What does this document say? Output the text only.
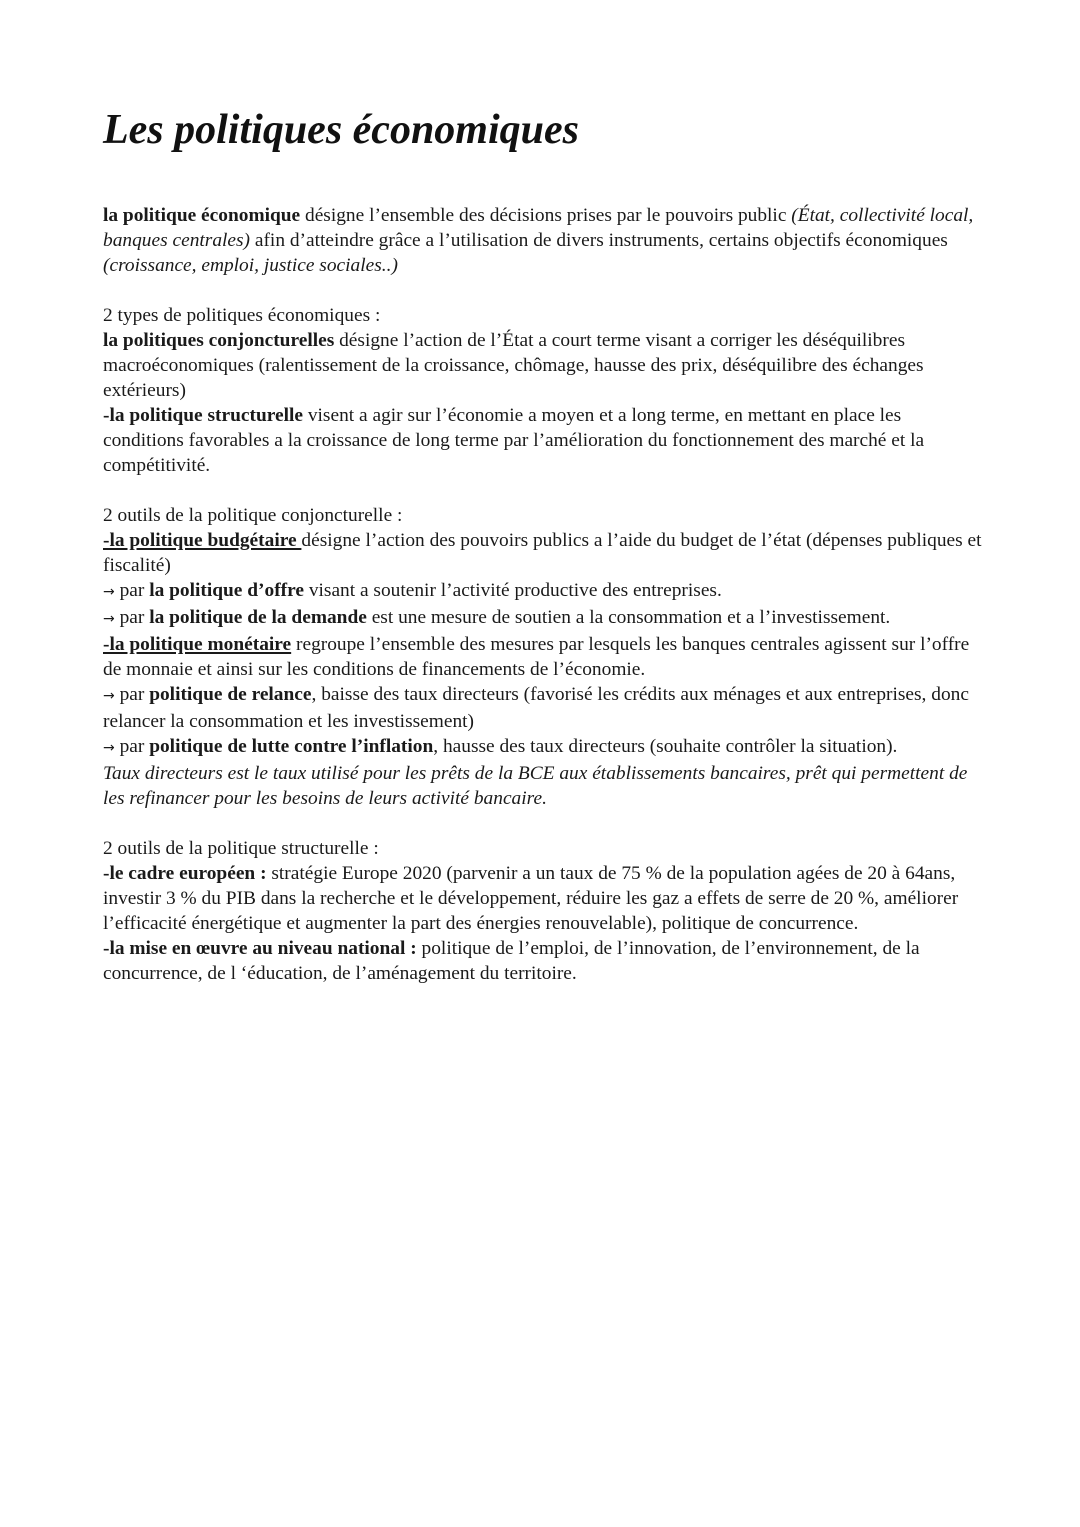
Les politiques économiques

la politique économique désigne l’ensemble des décisions prises par le pouvoirs public (État, collectivité local, banques centrales) afin d’atteindre grâce a l’utilisation de divers instruments, certains objectifs économiques (croissance, emploi, justice sociales..)

2 types de politiques économiques :

la politiques conjoncturelles désigne l’action de l’État a court terme visant a corriger les déséquilibres macroéconomiques (ralentissement de la croissance, chômage, hausse des prix, déséquilibre des échanges extérieurs)

-la politique structurelle visent a agir sur l’économie a moyen et a long terme, en mettant en place les conditions favorables a la croissance de long terme par l’amélioration du fonctionnement des marché et la compétitivité.

2 outils de la politique conjoncturelle :

-la politique budgétaire désigne l’action des pouvoirs publics a l’aide du budget de l’état (dépenses publiques et fiscalité)

→ par la politique d’offre visant a soutenir l’activité productive des entreprises.

→ par la politique de la demande est une mesure de soutien a la consommation et a l’investissement.

-la politique monétaire regroupe l’ensemble des mesures par lesquels les banques centrales agissent sur l’offre de monnaie et ainsi sur les conditions de financements de l’économie.

→ par politique de relance, baisse des taux directeurs (favorisé les crédits aux ménages et aux entreprises, donc relancer la consommation et les investissement)

→ par politique de lutte contre l’inflation, hausse des taux directeurs (souhaite contrôler la situation).

Taux directeurs est le taux utilisé pour les prêts de la BCE aux établissements bancaires, prêt qui permettent de les refinancer pour les besoins de leurs activité bancaire.

2 outils de la politique structurelle :

-le cadre européen : stratégie Europe 2020 (parvenir a un taux de 75 % de la population agées de 20 à 64ans, investir 3 % du PIB dans la recherche et le développement, réduire les gaz a effets de serre de 20 %, améliorer l’efficacité énergétique et augmenter la part des énergies renouvelable), politique de concurrence.

-la mise en œuvre au niveau national : politique de l’emploi, de l’innovation, de l’environnement, de la concurrence, de l ‘éducation, de l’aménagement du territoire.
